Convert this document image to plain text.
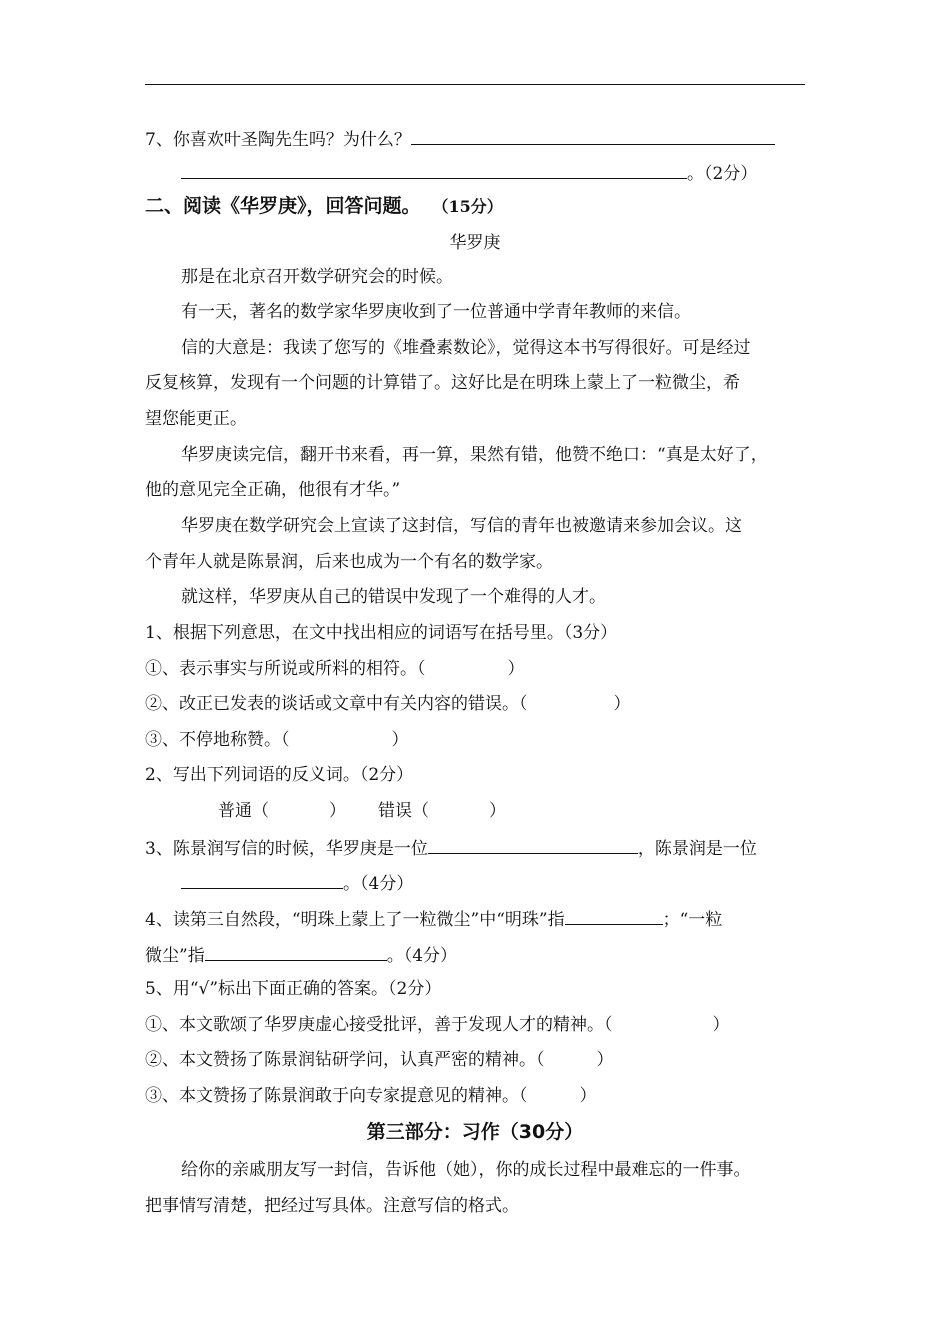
7、你喜欢叶圣陶先生吗？为什么？
。（2分）
二、阅读《华罗庚》，回答问题。 （15分）
华罗庚
那是在北京召开数学研究会的时候。
有一天，著名的数学家华罗庚收到了一位普通中学青年教师的来信。
信的大意是：我读了您写的《堆叠素数论》，觉得这本书写得很好。可是经过
反复核算，发现有一个问题的计算错了。这好比是在明珠上蒙上了一粒微尘，希
望您能更正。
华罗庚读完信，翻开书来看，再一算，果然有错，他赞不绝口：“真是太好了，
他的意见完全正确，他很有才华。”
华罗庚在数学研究会上宣读了这封信，写信的青年也被邀请来参加会议。这
个青年人就是陈景润，后来也成为一个有名的数学家。
就这样，华罗庚从自己的错误中发现了一个难得的人才。
1、根据下列意思，在文中找出相应的词语写在括号里。（3分）
①、表示事实与所说或所料的相符。（	）
②、改正已发表的谈话或文章中有关内容的错误。（	）
③、不停地称赞。（	）
2、写出下列词语的反义词。（2分）
普通（	） 错误（	）
3、陈景润写信的时候，华罗庚是一位	，陈景润是一位
。（4分）
4、读第三自然段，“明珠上蒙上了一粒微尘”中“明珠”指	；“一粒
微尘”指	。（4分）
5、用“√”标出下面正确的答案。（2分）
①、本文歌颂了华罗庚虚心接受批评，善于发现人才的精神。（	）
②、本文赞扬了陈景润钻研学问，认真严密的精神。（	）
③、本文赞扬了陈景润敢于向专家提意见的精神。（	）
第三部分：习作（30分）
给你的亲戚朋友写一封信，告诉他（她），你的成长过程中最难忘的一件事。
把事情写清楚，把经过写具体。注意写信的格式。
